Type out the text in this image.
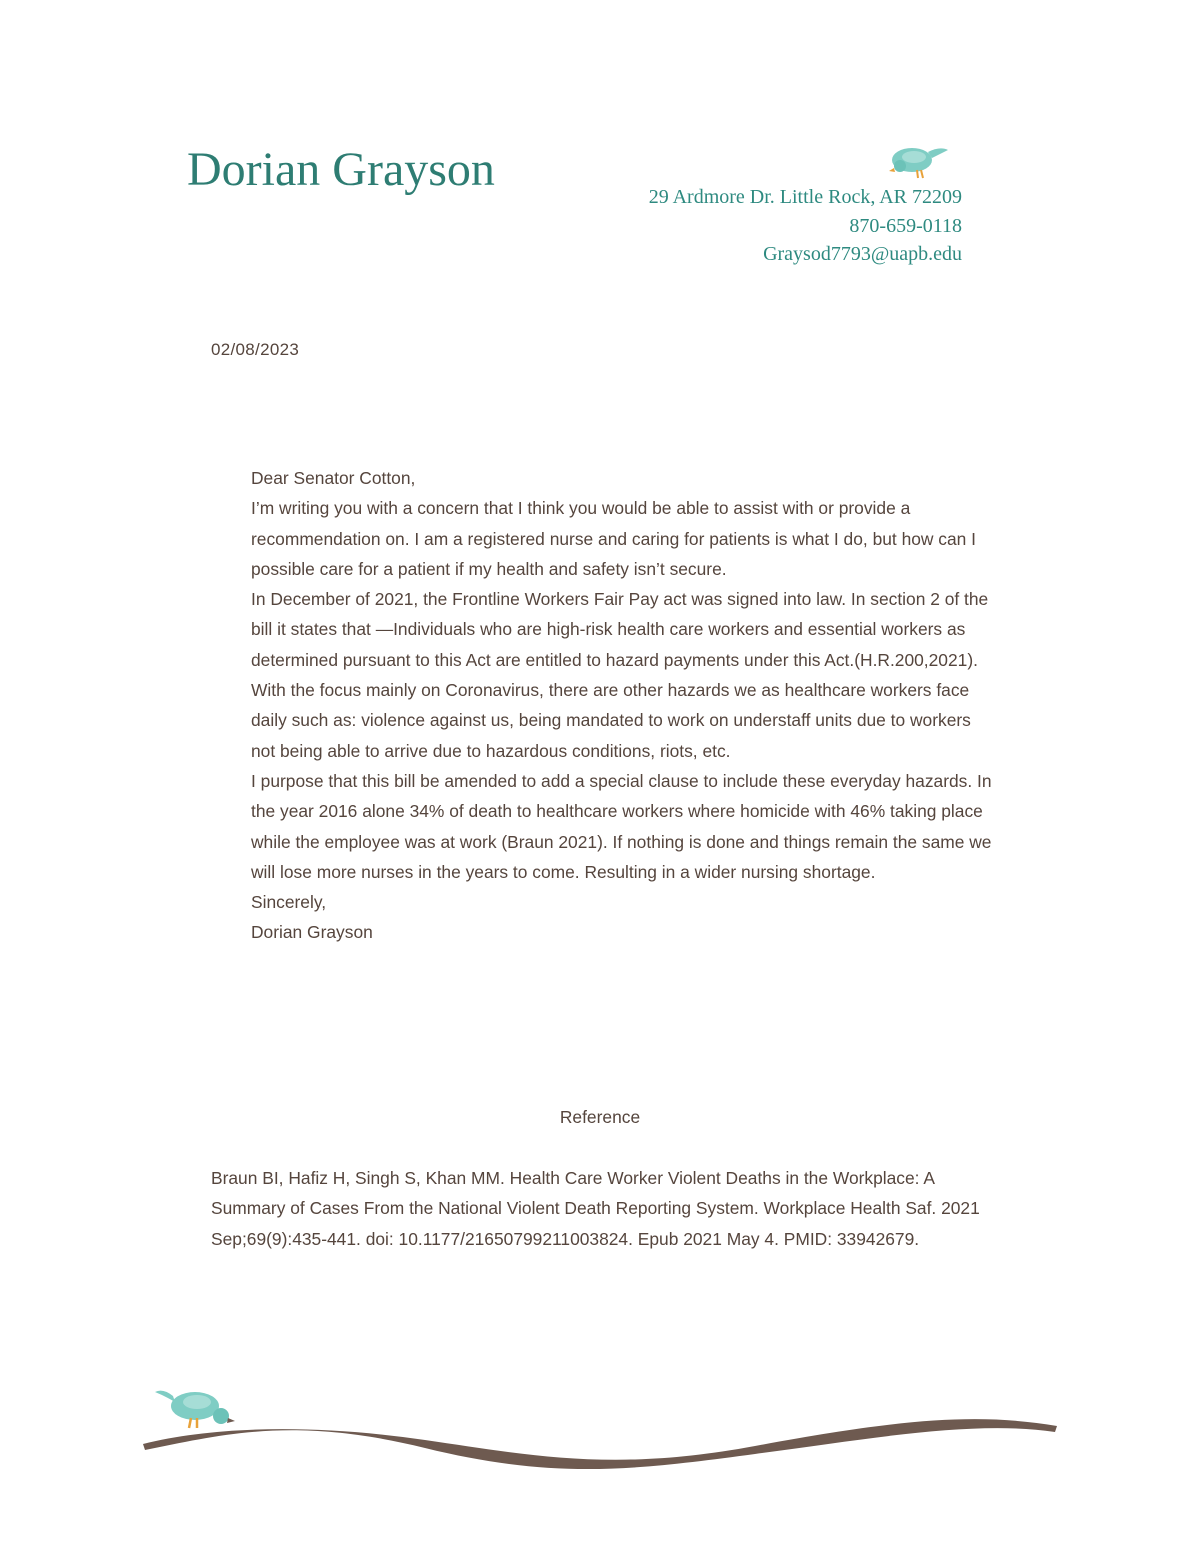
Dorian Grayson
29 Ardmore Dr. Little Rock, AR 72209
870-659-0118
Graysod7793@uapb.edu
02/08/2023

Dear Senator Cotton,

I’m writing you with a concern that I think you would be able to assist with or provide a recommendation on. I am a registered nurse and caring for patients is what I do, but how can I possible care for a patient if my health and safety isn’t secure.

In December of 2021, the Frontline Workers Fair Pay act was signed into law. In section 2 of the bill it states that ―Individuals who are high-risk health care workers and essential workers as determined pursuant to this Act are entitled to hazard payments under this Act.(H.R.200,2021). With the focus mainly on Coronavirus, there are other hazards we as healthcare workers face daily such as: violence against us, being mandated to work on understaff units due to workers not being able to arrive due to hazardous conditions, riots, etc.

I purpose that this bill be amended to add a special clause to include these everyday hazards. In the year 2016 alone 34% of death to healthcare workers where homicide with 46% taking place while the employee was at work (Braun 2021). If nothing is done and things remain the same we will lose more nurses in the years to come. Resulting in a wider nursing shortage.

Sincerely,

Dorian Grayson

Reference

Braun BI, Hafiz H, Singh S, Khan MM. Health Care Worker Violent Deaths in the Workplace: A Summary of Cases From the National Violent Death Reporting System. Workplace Health Saf. 2021 Sep;69(9):435-441. doi: 10.1177/21650799211003824. Epub 2021 May 4. PMID: 33942679.
